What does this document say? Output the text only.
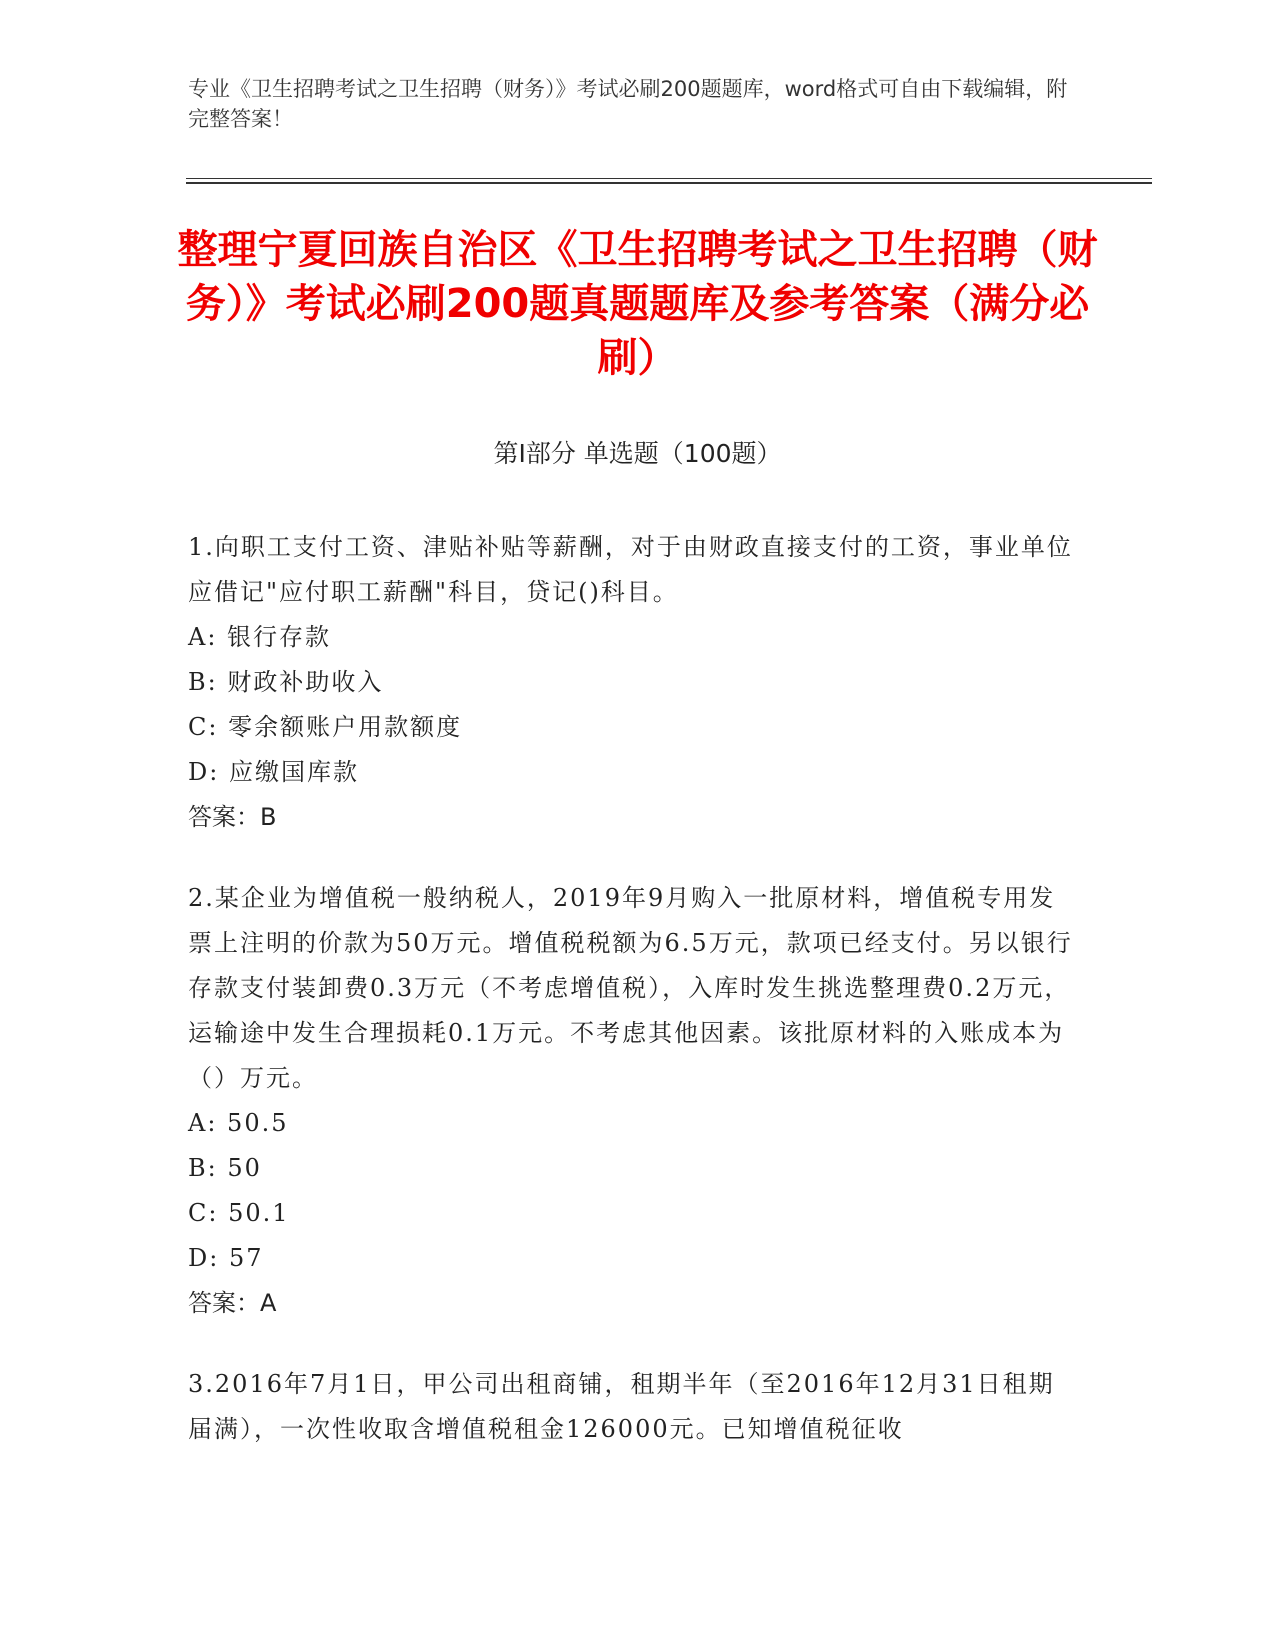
专业《卫生招聘考试之卫生招聘（财务）》考试必刷200题题库，word格式可自由下载编辑，附完整答案！
整理宁夏回族自治区《卫生招聘考试之卫生招聘（财务）》考试必刷200题真题题库及参考答案（满分必刷）
第Ⅰ部分 单选题（100题）

1.向职工支付工资、津贴补贴等薪酬，对于由财政直接支付的工资，事业单位应借记"应付职工薪酬"科目，贷记()科目。

A: 银行存款

B: 财政补助收入

C: 零余额账户用款额度

D: 应缴国库款

答案：B

2.某企业为增值税一般纳税人，2019年9月购入一批原材料，增值税专用发票上注明的价款为50万元。增值税税额为6.5万元，款项已经支付。另以银行存款支付装卸费0.3万元（不考虑增值税），入库时发生挑选整理费0.2万元，运输途中发生合理损耗0.1万元。不考虑其他因素。该批原材料的入账成本为（）万元。

A: 50.5

B: 50

C: 50.1

D: 57

答案：A

3.2016年7月1日，甲公司出租商铺，租期半年（至2016年12月31日租期届满），一次性收取含增值税租金126000元。已知增值税征收
